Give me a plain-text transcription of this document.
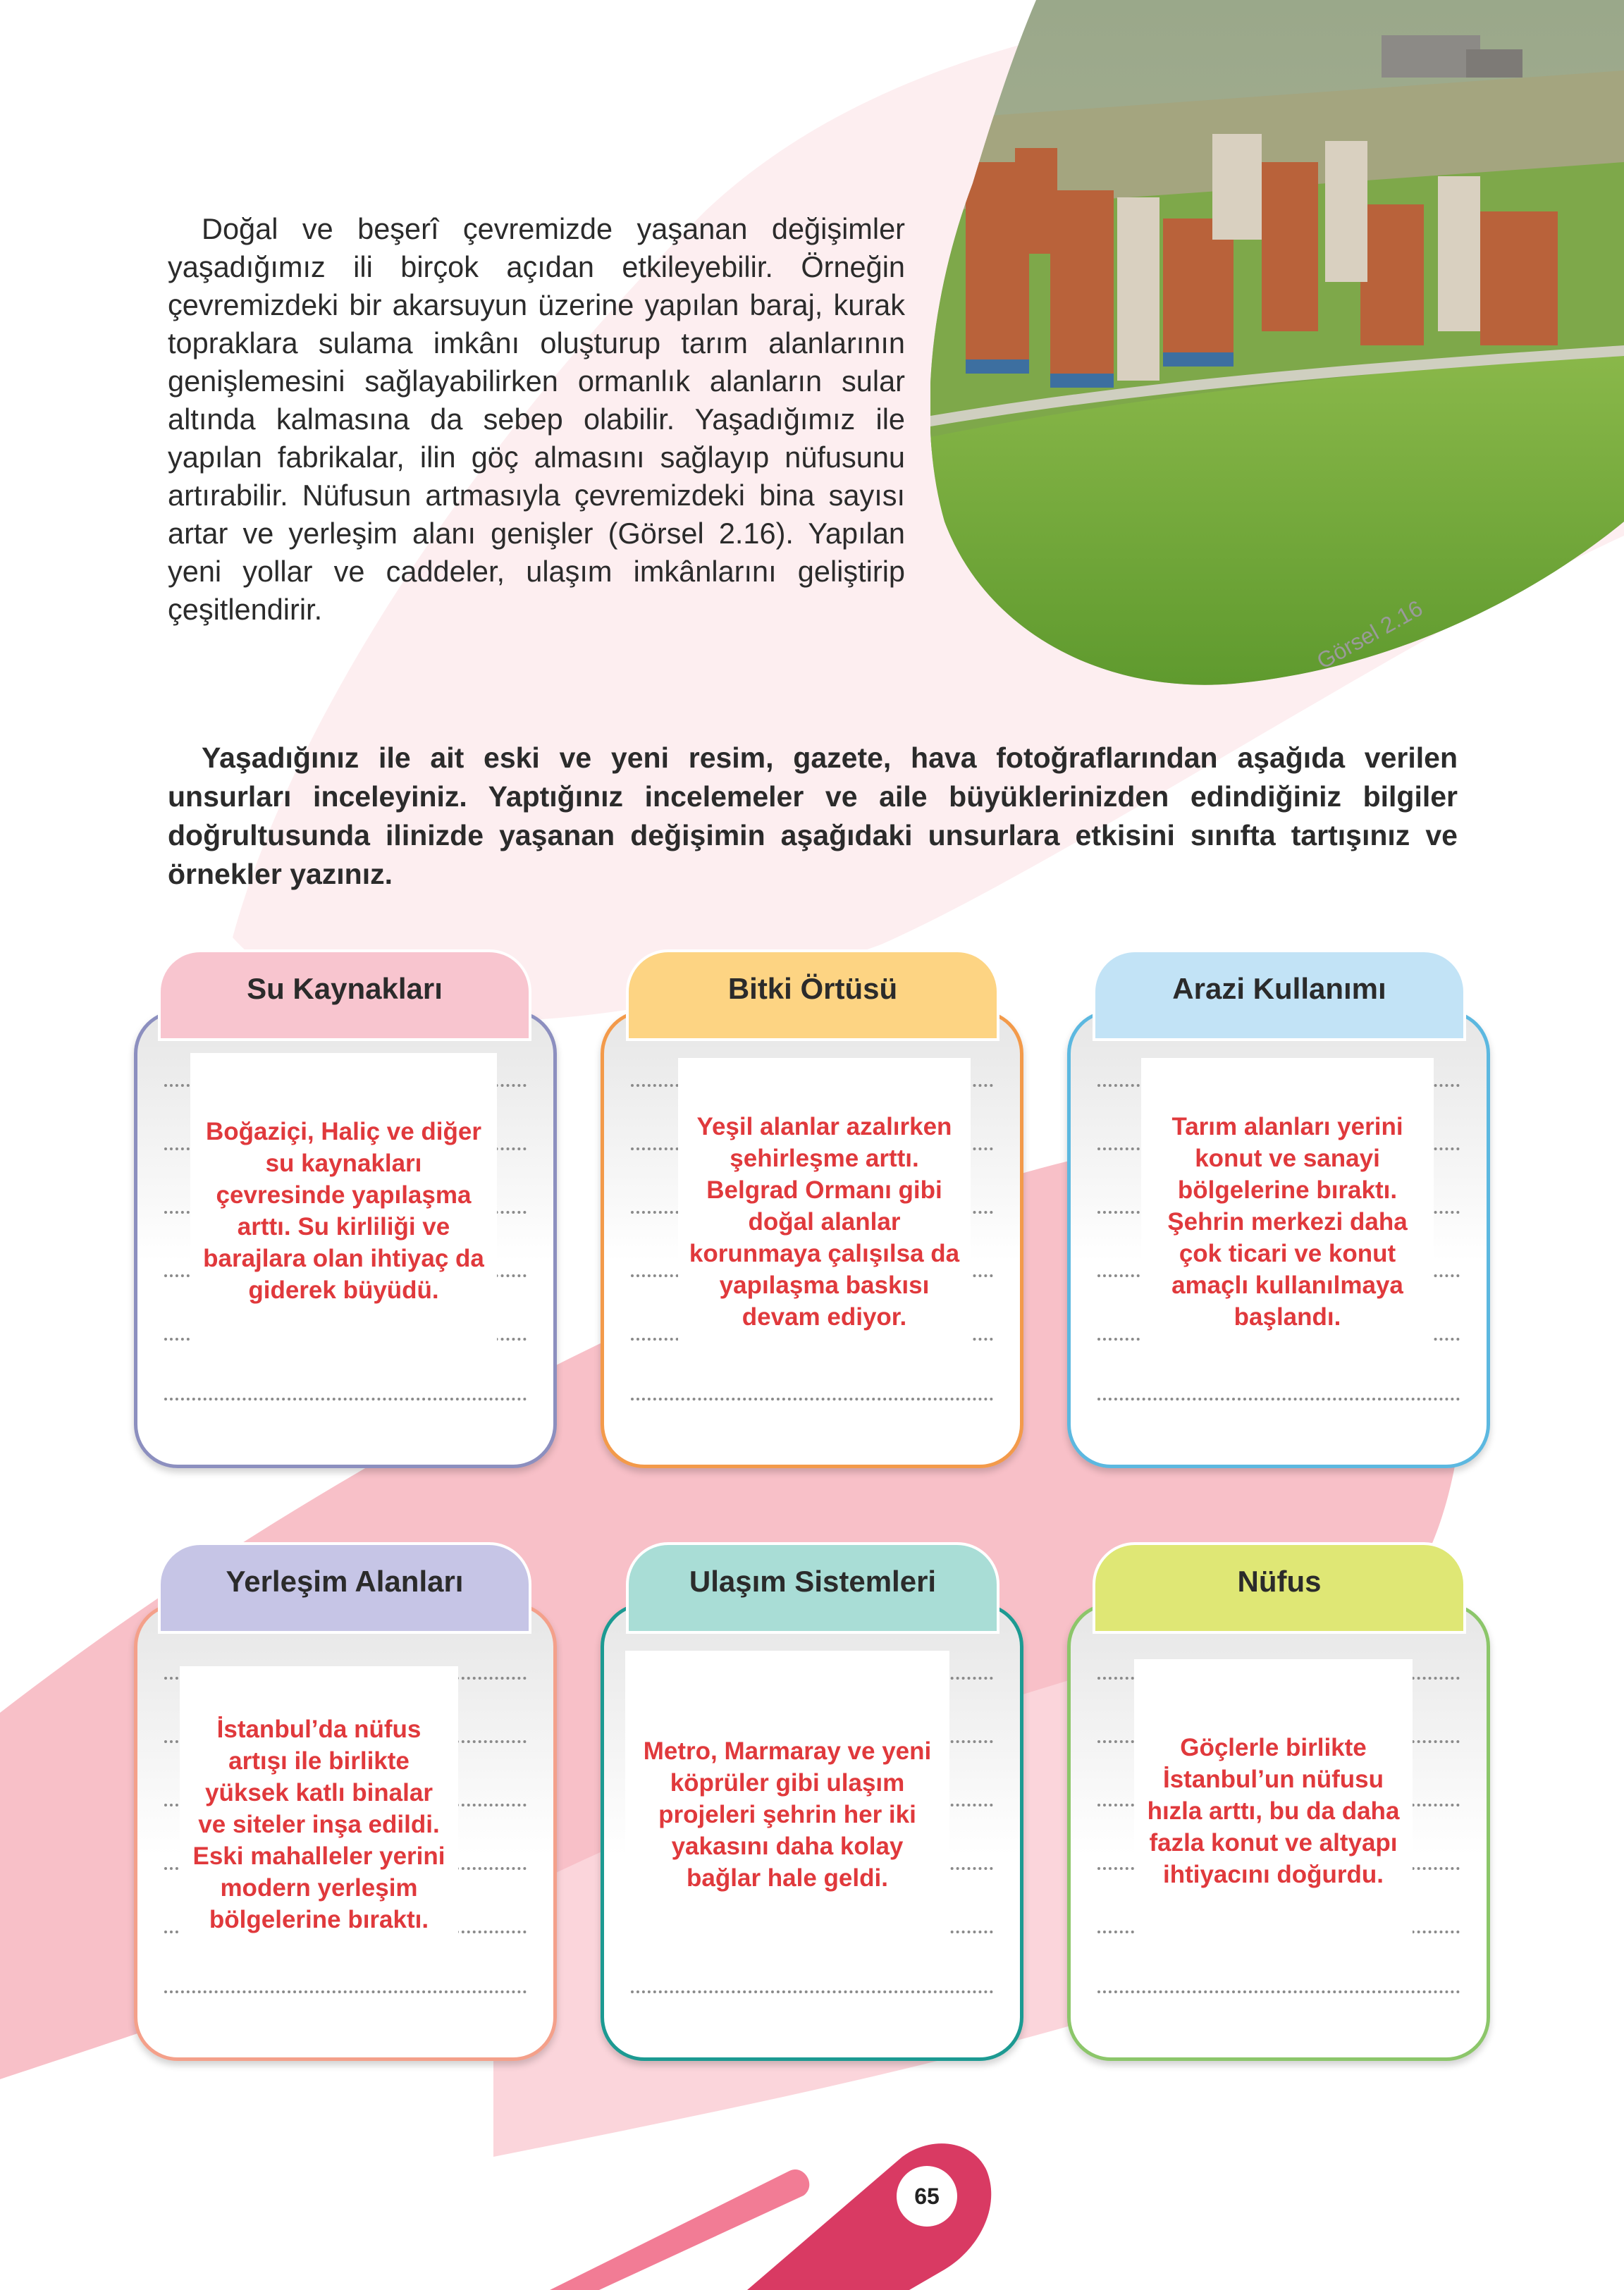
Görsel 2.16

Doğal ve beşerî çevremizde yaşanan değişimler yaşadığımız ili birçok açıdan etkileyebilir. Örneğin çevremizdeki bir akarsuyun üzerine yapılan baraj, kurak topraklara sulama imkânı oluşturup tarım alanlarının genişlemesini sağlayabilirken ormanlık alanların sular altında kalmasına da sebep olabilir. Yaşadığımız ile yapılan fabrikalar, ilin göç almasını sağlayıp nüfusunu artırabilir. Nüfusun artmasıyla çevremizdeki bina sayısı artar ve yerleşim alanı genişler (Görsel 2.16). Yapılan yeni yollar ve caddeler, ulaşım imkânlarını geliştirip çeşitlendirir.

Yaşadığınız ile ait eski ve yeni resim, gazete, hava fotoğraflarından aşağıda verilen unsurları inceleyiniz. Yaptığınız incelemeler ve aile büyüklerinizden edindiğiniz bilgiler doğrultusunda ilinizde yaşanan değişimin aşağıdaki unsurlara etkisini sınıfta tartışınız ve örnekler yazınız.

Boğaziçi, Haliç ve diğer su kaynakları çevresinde yapılaşma arttı. Su kirliliği ve barajlara olan ihtiyaç da giderek büyüdü.
Su Kaynakları
Yeşil alanlar azalırken şehirleşme arttı. Belgrad Ormanı gibi doğal alanlar korunmaya çalışılsa da yapılaşma baskısı devam ediyor.
Bitki Örtüsü
Tarım alanları yerini konut ve sanayi bölgelerine bıraktı. Şehrin merkezi daha çok ticari ve konut amaçlı kullanılmaya başlandı.
Arazi Kullanımı
İstanbul’da nüfus artışı ile birlikte yüksek katlı binalar ve siteler inşa edildi. Eski mahalleler yerini modern yerleşim bölgelerine bıraktı.
Yerleşim Alanları
Metro, Marmaray ve yeni köprüler gibi ulaşım projeleri şehrin her iki yakasını daha kolay bağlar hale geldi.
Ulaşım Sistemleri
Göçlerle birlikte İstanbul’un nüfusu hızla arttı, bu da daha fazla konut ve altyapı ihtiyacını doğurdu.
Nüfus
65
